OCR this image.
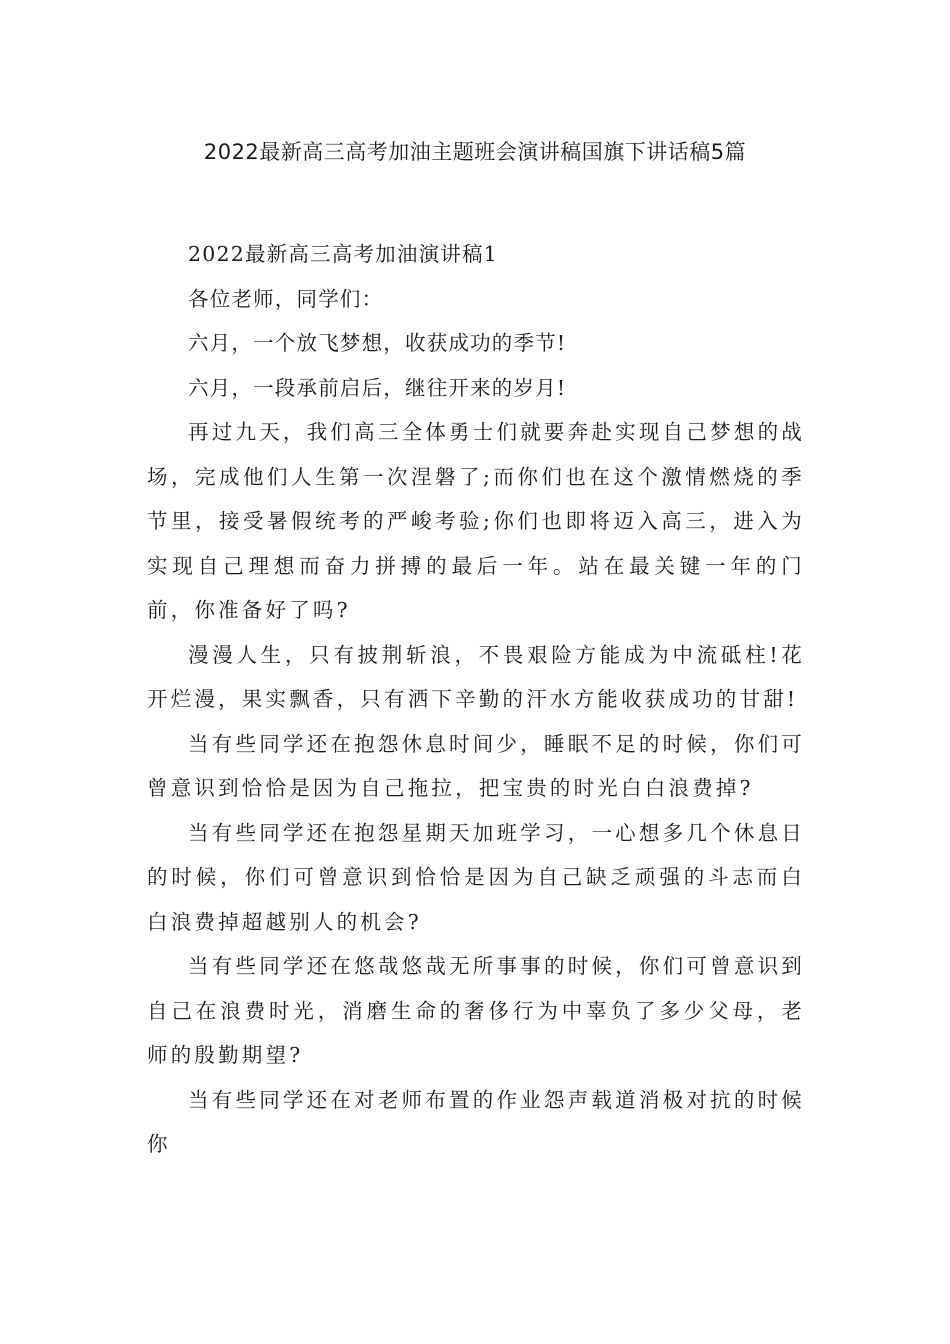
2022最新高三高考加油主题班会演讲稿国旗下讲话稿5篇

2022最新高三高考加油演讲稿1

各位老师，同学们：

六月，一个放飞梦想，收获成功的季节!

六月，一段承前启后，继往开来的岁月!

再过九天，我们高三全体勇士们就要奔赴实现自己梦想的战场，完成他们人生第一次涅磐了;而你们也在这个激情燃烧的季节里，接受暑假统考的严峻考验;你们也即将迈入高三，进入为实现自己理想而奋力拼搏的最后一年。站在最关键一年的门前，你准备好了吗?

漫漫人生，只有披荆斩浪，不畏艰险方能成为中流砥柱!花开烂漫，果实飘香，只有洒下辛勤的汗水方能收获成功的甘甜!

当有些同学还在抱怨休息时间少，睡眠不足的时候，你们可曾意识到恰恰是因为自己拖拉，把宝贵的时光白白浪费掉?

当有些同学还在抱怨星期天加班学习，一心想多几个休息日的时候，你们可曾意识到恰恰是因为自己缺乏顽强的斗志而白白浪费掉超越别人的机会?

当有些同学还在悠哉悠哉无所事事的时候，你们可曾意识到自己在浪费时光，消磨生命的奢侈行为中辜负了多少父母，老师的殷勤期望?

当有些同学还在对老师布置的作业怨声载道消极对抗的时候你
